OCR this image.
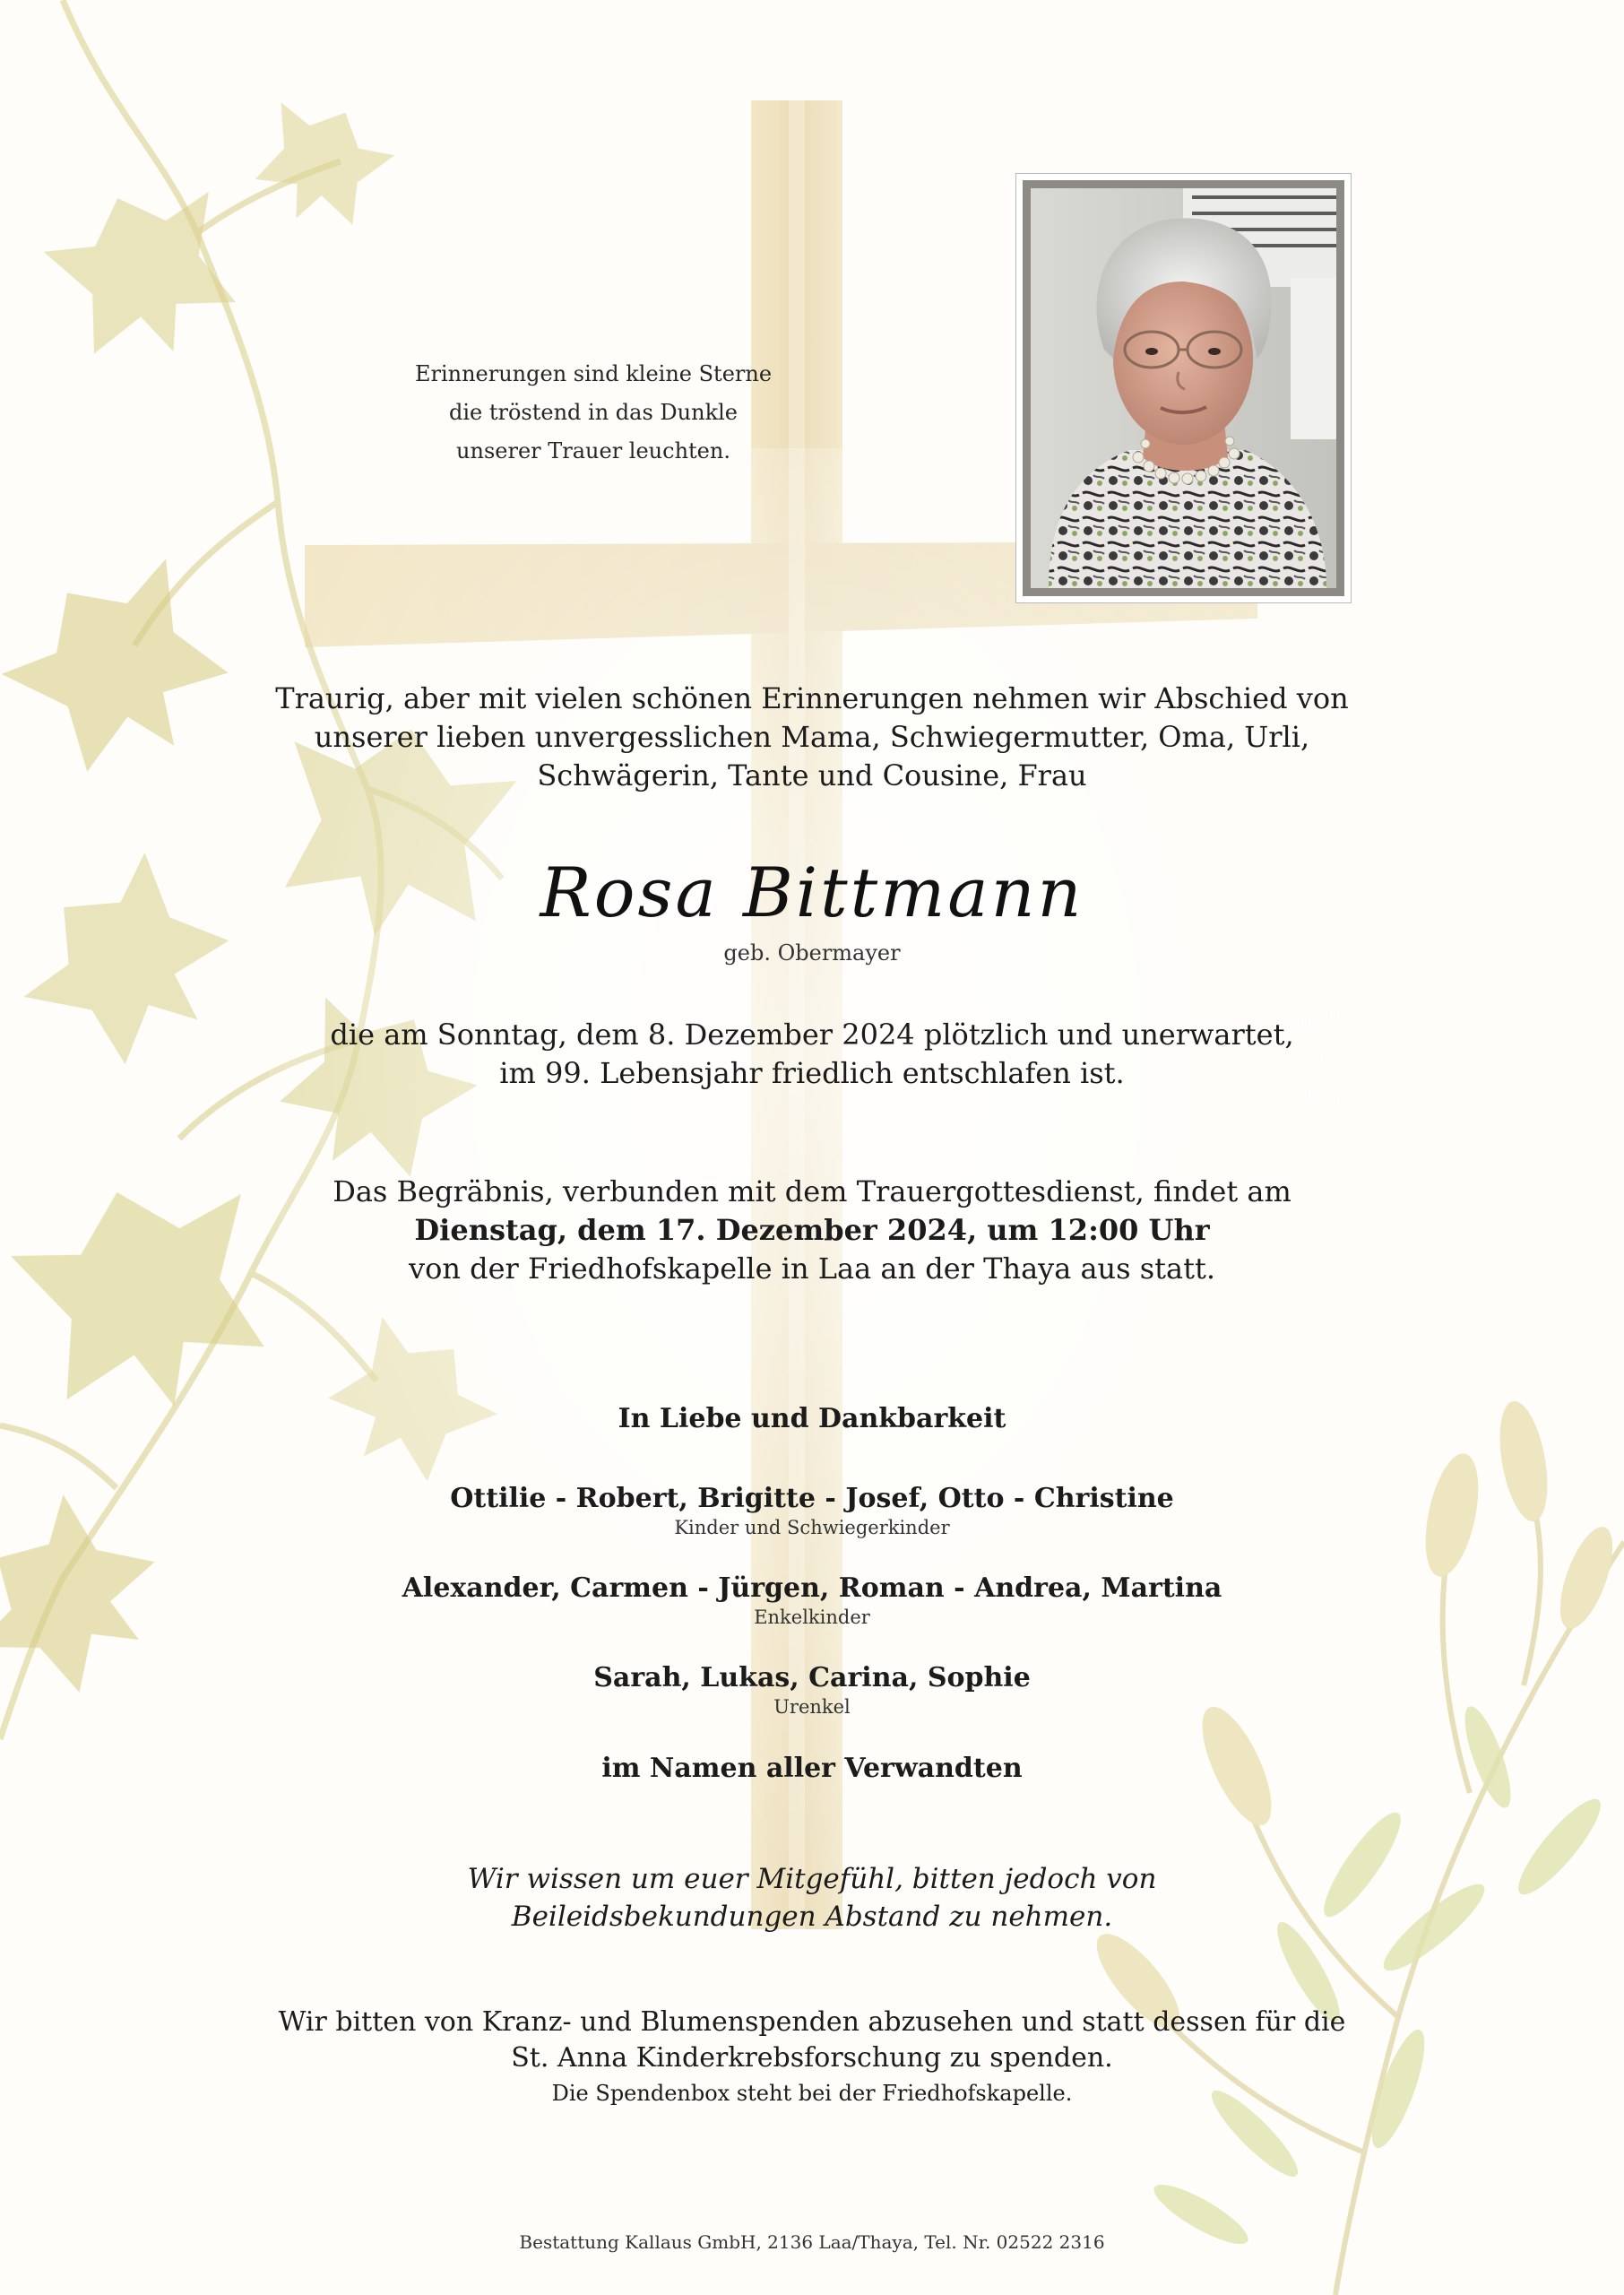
Erinnerungen sind kleine Sterne
die tröstend in das Dunkle
unserer Trauer leuchten.
Traurig, aber mit vielen schönen Erinnerungen nehmen wir Abschied von
unserer lieben unvergesslichen Mama, Schwiegermutter, Oma, Urli,
Schwägerin, Tante und Cousine, Frau
Rosa Bittmann
geb. Obermayer
die am Sonntag, dem 8. Dezember 2024 plötzlich und unerwartet,
im 99. Lebensjahr friedlich entschlafen ist.
Das Begräbnis, verbunden mit dem Trauergottesdienst, findet am
Dienstag, dem 17. Dezember 2024, um 12:00 Uhr
von der Friedhofskapelle in Laa an der Thaya aus statt.
In Liebe und Dankbarkeit
Ottilie - Robert, Brigitte - Josef, Otto - Christine
Kinder und Schwiegerkinder
Alexander, Carmen - Jürgen, Roman - Andrea, Martina
Enkelkinder
Sarah, Lukas, Carina, Sophie
Urenkel
im Namen aller Verwandten
Wir wissen um euer Mitgefühl, bitten jedoch von
Beileidsbekundungen Abstand zu nehmen.
Wir bitten von Kranz- und Blumenspenden abzusehen und statt dessen für die
St. Anna Kinderkrebsforschung zu spenden.
Die Spendenbox steht bei der Friedhofskapelle.
Bestattung Kallaus GmbH, 2136 Laa/Thaya, Tel. Nr. 02522 2316
